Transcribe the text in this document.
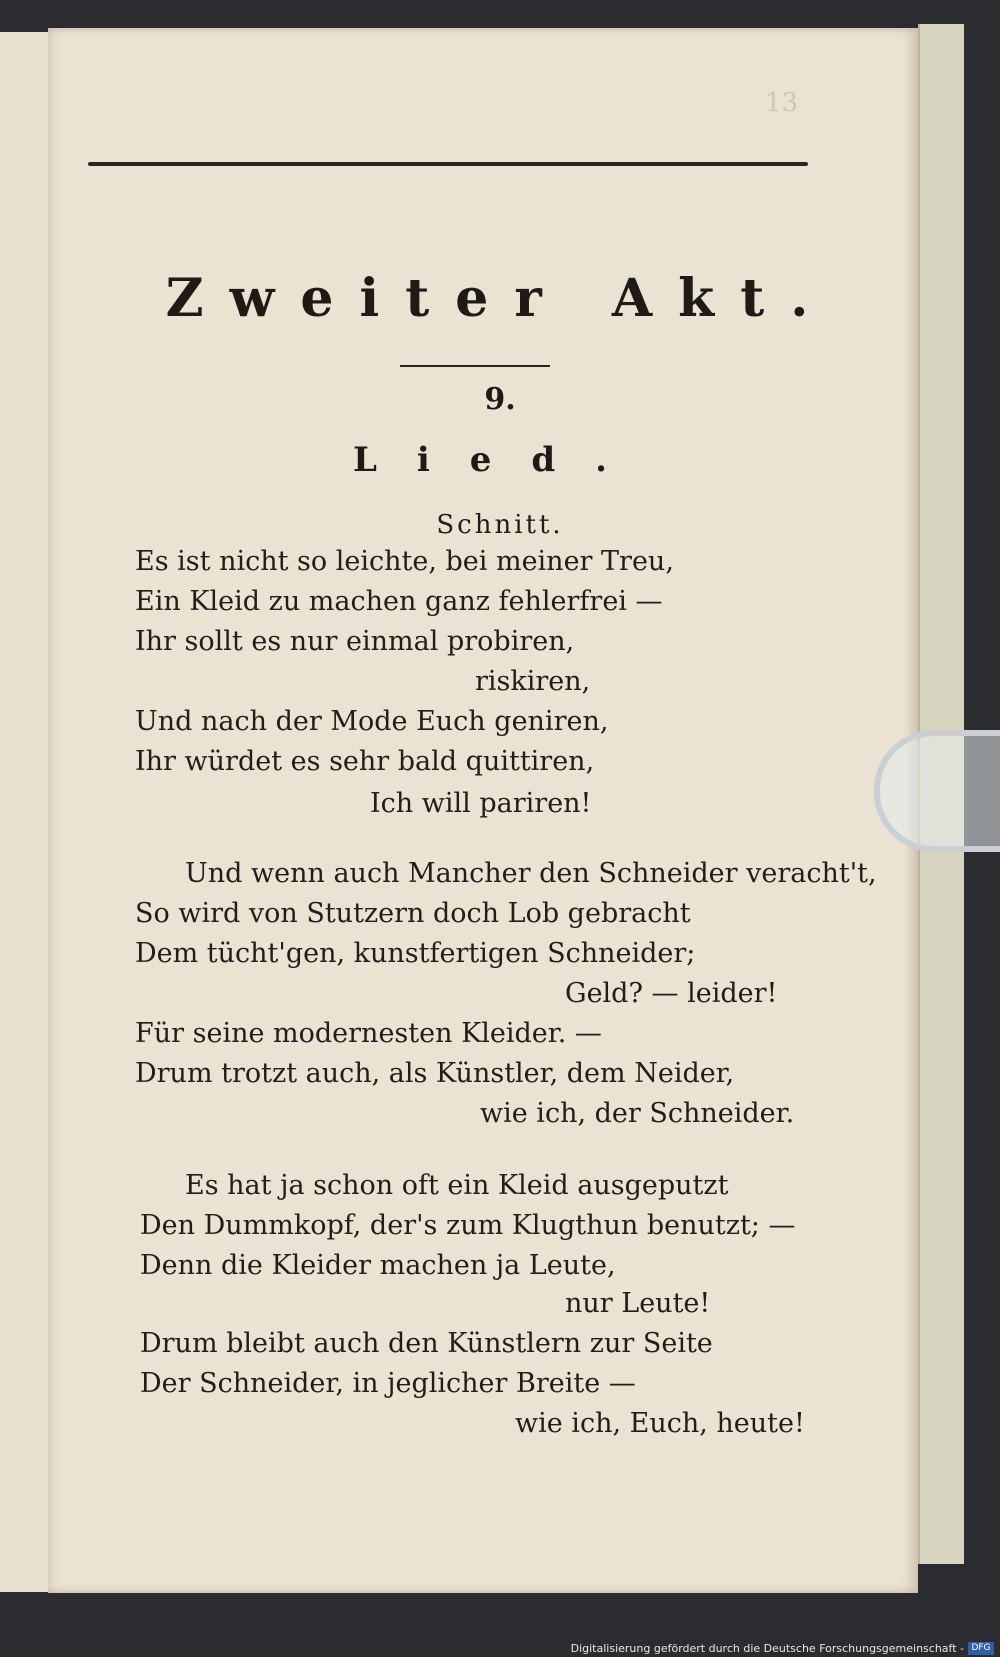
13
Zweiter Akt.
9.
Lied.
Schnitt.
Es ist nicht so leichte, bei meiner Treu,
Ein Kleid zu machen ganz fehlerfrei —
Ihr sollt es nur einmal probiren,
riskiren,
Und nach der Mode Euch geniren,
Ihr würdet es sehr bald quittiren,
Ich will pariren!
Und wenn auch Mancher den Schneider veracht't,
So wird von Stutzern doch Lob gebracht
Dem tücht'gen, kunstfertigen Schneider;
Geld? — leider!
Für seine modernesten Kleider. —
Drum trotzt auch, als Künstler, dem Neider,
wie ich, der Schneider.
Es hat ja schon oft ein Kleid ausgeputzt
Den Dummkopf, der's zum Klugthun benutzt; —
Denn die Kleider machen ja Leute,
nur Leute!
Drum bleibt auch den Künstlern zur Seite
Der Schneider, in jeglicher Breite —
wie ich, Euch, heute!
Digitalisierung gefördert durch die Deutsche Forschungsgemeinschaft - DFG
